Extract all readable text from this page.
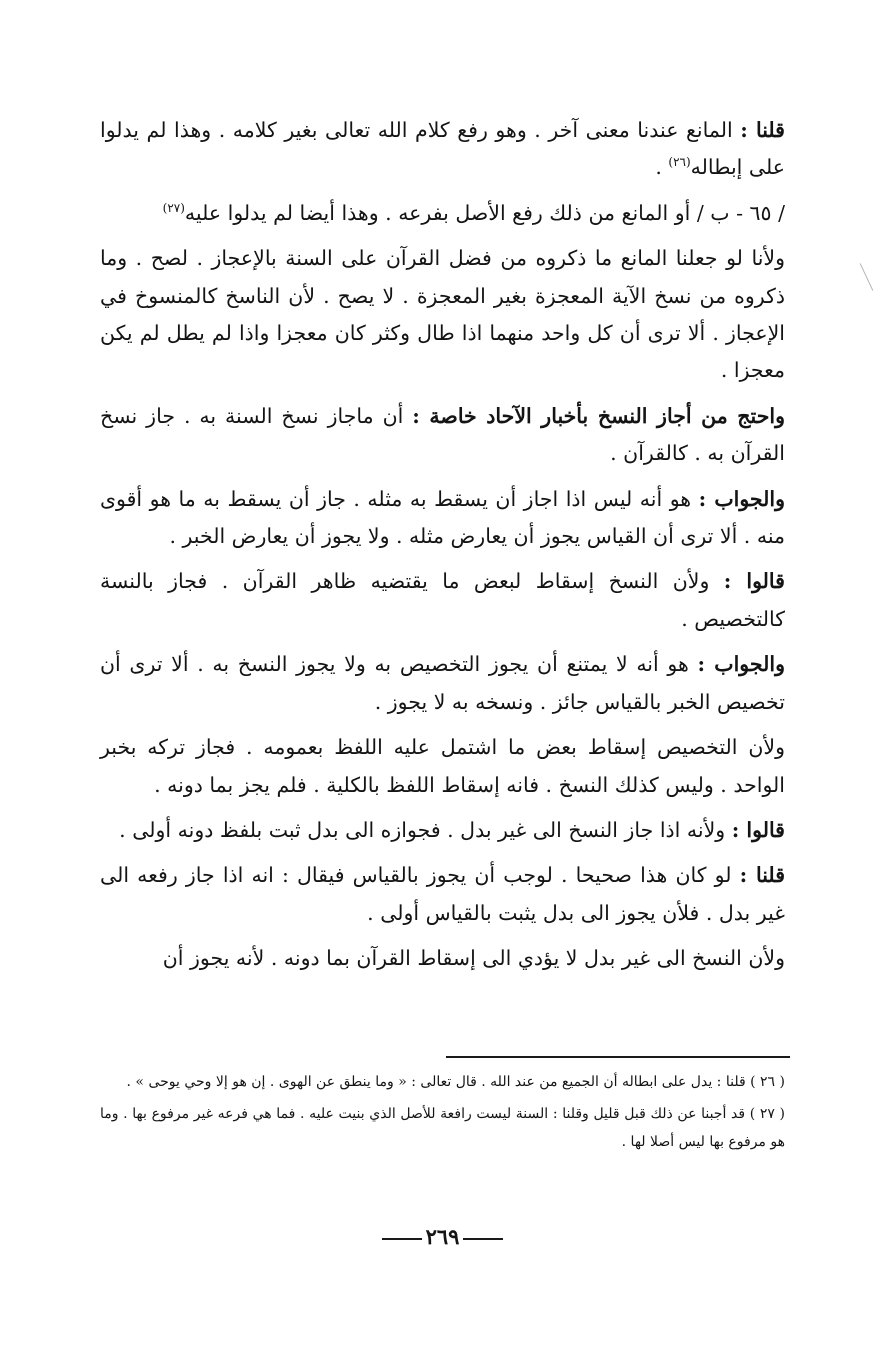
قلنا : المانع عندنا معنى آخر . وهو رفع كلام الله تعالى بغير كلامه . وهذا لم يدلوا على إبطاله$^{(٢٦)}$ .

/ ٦٥ - ب / أو المانع من ذلك رفع الأصل بفرعه . وهذا أيضا لم يدلوا عليه$^{(٢٧)}$

ولأنا لو جعلنا المانع ما ذكروه من فضل القرآن على السنة بالإعجاز . لصح . وما ذكروه من نسخ الآية المعجزة بغير المعجزة . لا يصح . لأن الناسخ كالمنسوخ في الإعجاز . ألا ترى أن كل واحد منهما اذا طال وكثر كان معجزا واذا لم يطل لم يكن معجزا .

واحتج من أجاز النسخ بأخبار الآحاد خاصة : أن ماجاز نسخ السنة به . جاز نسخ القرآن به . كالقرآن .

والجواب : هو أنه ليس اذا اجاز أن يسقط به مثله . جاز أن يسقط به ما هو أقوى منه . ألا ترى أن القياس يجوز أن يعارض مثله . ولا يجوز أن يعارض الخبر .

قالوا : ولأن النسخ إسقاط لبعض ما يقتضيه ظاهر القرآن . فجاز بالنسة كالتخصيص .

والجواب : هو أنه لا يمتنع أن يجوز التخصيص به ولا يجوز النسخ به . ألا ترى أن تخصيص الخبر بالقياس جائز . ونسخه به لا يجوز .

ولأن التخصيص إسقاط بعض ما اشتمل عليه اللفظ بعمومه . فجاز تركه بخبر الواحد . وليس كذلك النسخ . فانه إسقاط اللفظ بالكلية . فلم يجز بما دونه .

قالوا : ولأنه اذا جاز النسخ الى غير بدل . فجوازه الى بدل ثبت بلفظ دونه أولى .

قلنا : لو كان هذا صحيحا . لوجب أن يجوز بالقياس فيقال : انه اذا جاز رفعه الى غير بدل . فلأن يجوز الى بدل يثبت بالقياس أولى .

ولأن النسخ الى غير بدل لا يؤدي الى إسقاط القرآن بما دونه . لأنه يجوز أن

( ٢٦ ) قلنا : يدل على ابطاله أن الجميع من عند الله . قال تعالى : « وما ينطق عن الهوى . إن هو إلا وحي يوحى » .

( ٢٧ ) قد أجبنا عن ذلك قبل قليل وقلنا : السنة ليست رافعة للأصل الذي بنيت عليه . فما هي فرعه غير مرفوع بها . وما هو مرفوع بها ليس أصلا لها .

٢٦٩
